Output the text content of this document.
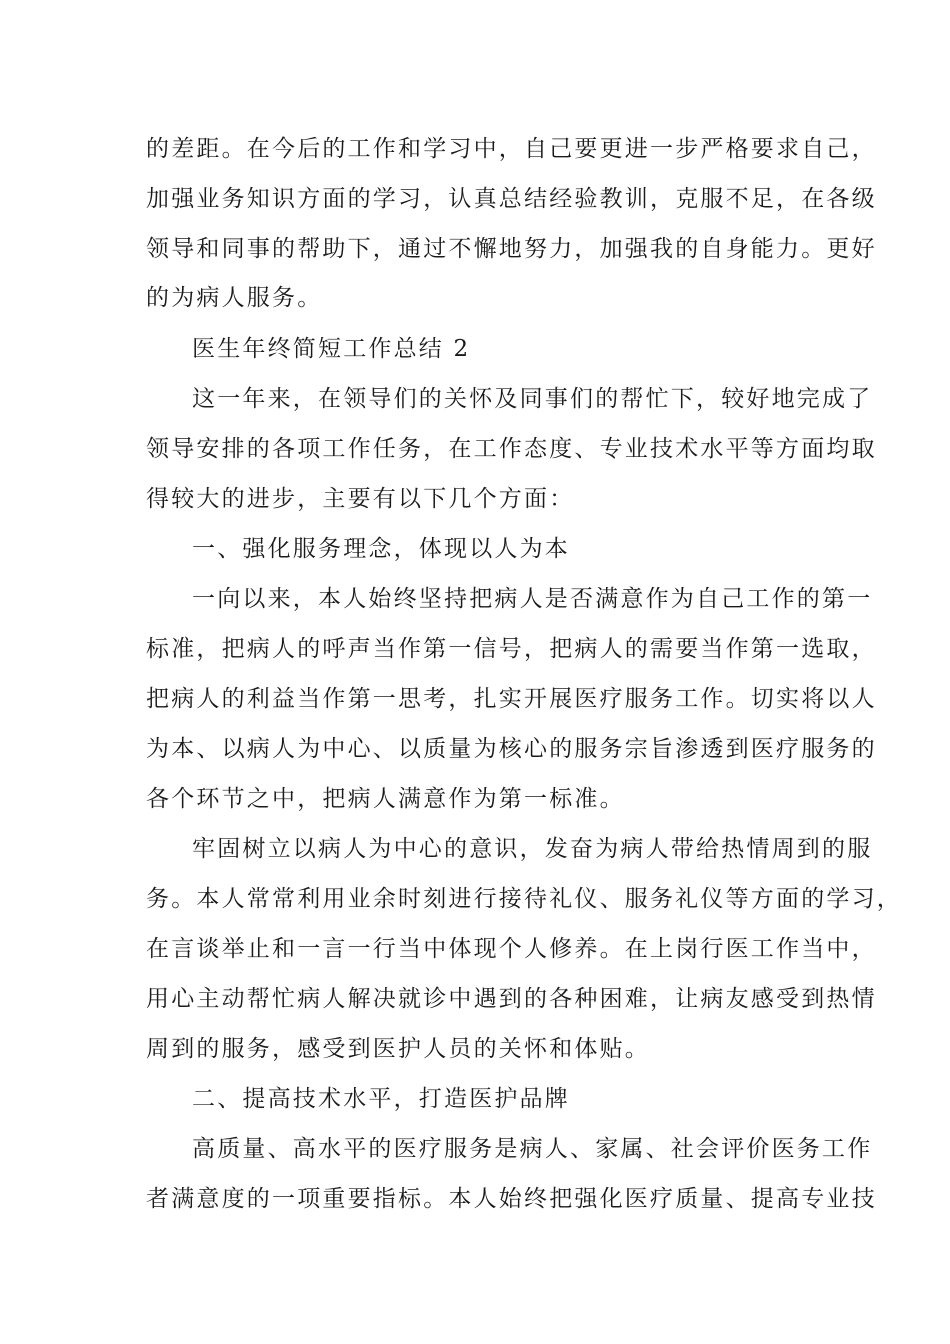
的差距。在今后的工作和学习中，自己要更进一步严格要求自己，
加强业务知识方面的学习，认真总结经验教训，克服不足，在各级
领导和同事的帮助下，通过不懈地努力，加强我的自身能力。更好
的为病人服务。
医生年终简短工作总结 2
这一年来，在领导们的关怀及同事们的帮忙下，较好地完成了
领导安排的各项工作任务，在工作态度、专业技术水平等方面均取
得较大的进步，主要有以下几个方面：
一、强化服务理念，体现以人为本
一向以来，本人始终坚持把病人是否满意作为自己工作的第一
标准，把病人的呼声当作第一信号，把病人的需要当作第一选取，
把病人的利益当作第一思考，扎实开展医疗服务工作。切实将以人
为本、以病人为中心、以质量为核心的服务宗旨渗透到医疗服务的
各个环节之中，把病人满意作为第一标准。
牢固树立以病人为中心的意识，发奋为病人带给热情周到的服
务。本人常常利用业余时刻进行接待礼仪、服务礼仪等方面的学习，
在言谈举止和一言一行当中体现个人修养。在上岗行医工作当中，
用心主动帮忙病人解决就诊中遇到的各种困难，让病友感受到热情
周到的服务，感受到医护人员的关怀和体贴。
二、提高技术水平，打造医护品牌
高质量、高水平的医疗服务是病人、家属、社会评价医务工作
者满意度的一项重要指标。本人始终把强化医疗质量、提高专业技
